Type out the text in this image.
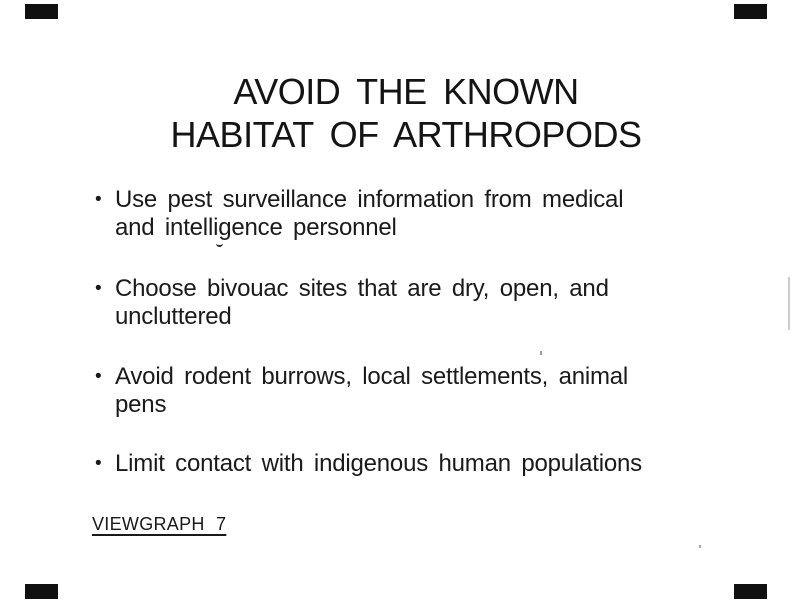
AVOID THE KNOWN
HABITAT OF ARTHROPODS
• Use pest surveillance information from medical
and intelligence personnel
• Choose bivouac sites that are dry, open, and
uncluttered
• Avoid rodent burrows, local settlements, animal
pens
• Limit contact with indigenous human populations
VIEWGRAPH 7
